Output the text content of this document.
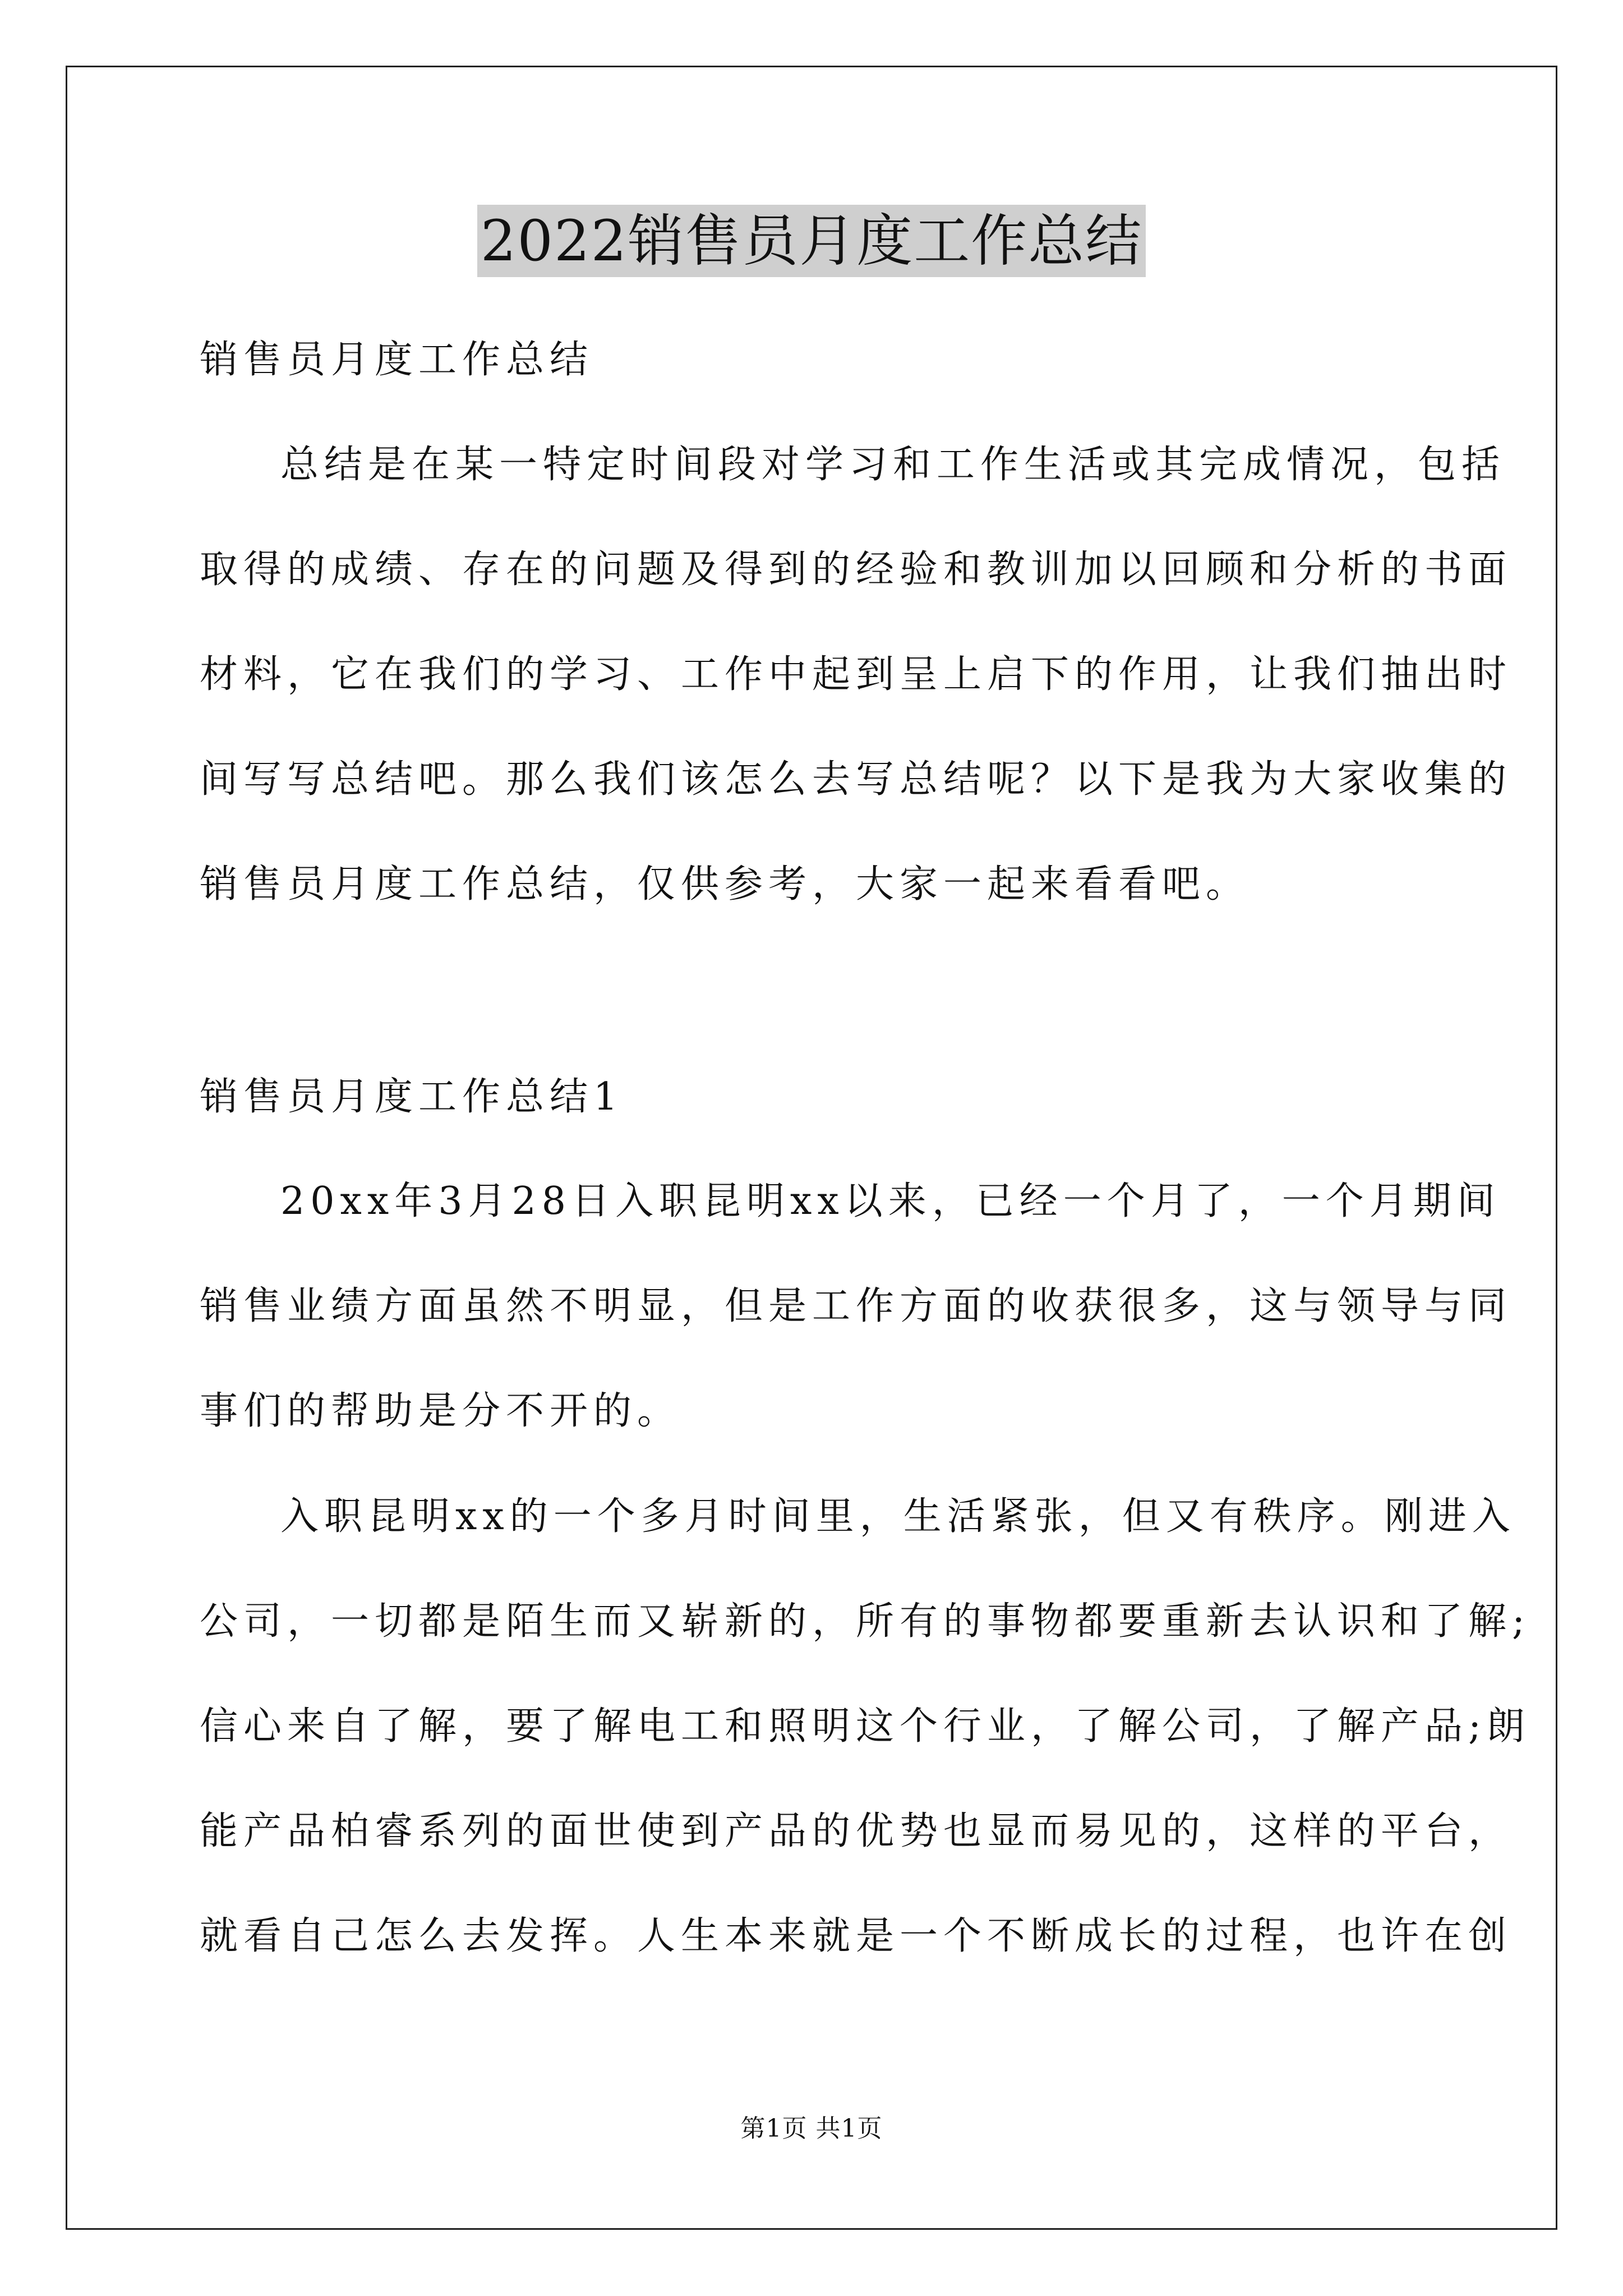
2022销售员月度工作总结
销售员月度工作总结
总结是在某一特定时间段对学习和工作生活或其完成情况，包括
取得的成绩、存在的问题及得到的经验和教训加以回顾和分析的书面
材料，它在我们的学习、工作中起到呈上启下的作用，让我们抽出时
间写写总结吧。那么我们该怎么去写总结呢？以下是我为大家收集的
销售员月度工作总结，仅供参考，大家一起来看看吧。
销售员月度工作总结1
20xx年3月28日入职昆明xx以来，已经一个月了，一个月期间
销售业绩方面虽然不明显，但是工作方面的收获很多，这与领导与同
事们的帮助是分不开的。
入职昆明xx的一个多月时间里，生活紧张，但又有秩序。刚进入
公司，一切都是陌生而又崭新的，所有的事物都要重新去认识和了解;
信心来自了解，要了解电工和照明这个行业，了解公司，了解产品;朗
能产品柏睿系列的面世使到产品的优势也显而易见的，这样的平台，
就看自己怎么去发挥。人生本来就是一个不断成长的过程，也许在创
第1页 共1页
